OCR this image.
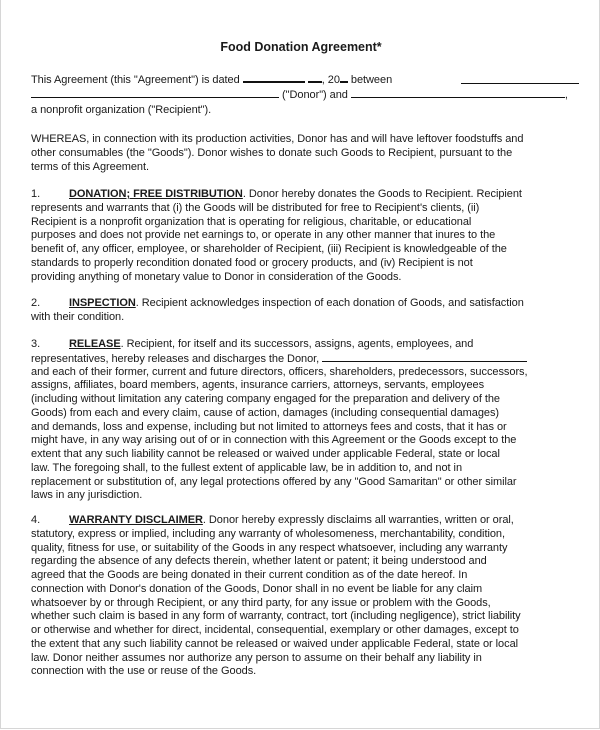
Food Donation Agreement*
This Agreement (this "Agreement") is dated	, 20 between
("Donor") and	,
a nonprofit organization ("Recipient").
WHEREAS, in connection with its production activities, Donor has and will have leftover foodstuffs and
other consumables (the "Goods"). Donor wishes to donate such Goods to Recipient, pursuant to the
terms of this Agreement.
1.	DONATION; FREE DISTRIBUTION. Donor hereby donates the Goods to Recipient. Recipient
represents and warrants that (i) the Goods will be distributed for free to Recipient's clients, (ii)
Recipient is a nonprofit organization that is operating for religious, charitable, or educational
purposes and does not provide net earnings to, or operate in any other manner that inures to the
benefit of, any officer, employee, or shareholder of Recipient, (iii) Recipient is knowledgeable of the
standards to properly recondition donated food or grocery products, and (iv) Recipient is not
providing anything of monetary value to Donor in consideration of the Goods.
2.	INSPECTION. Recipient acknowledges inspection of each donation of Goods, and satisfaction
with their condition.
3.	RELEASE. Recipient, for itself and its successors, assigns, agents, employees, and
representatives, hereby releases and discharges the Donor,
and each of their former, current and future directors, officers, shareholders, predecessors, successors,
assigns, affiliates, board members, agents, insurance carriers, attorneys, servants, employees
(including without limitation any catering company engaged for the preparation and delivery of the
Goods) from each and every claim, cause of action, damages (including consequential damages)
and demands, loss and expense, including but not limited to attorneys fees and costs, that it has or
might have, in any way arising out of or in connection with this Agreement or the Goods except to the
extent that any such liability cannot be released or waived under applicable Federal, state or local
law. The foregoing shall, to the fullest extent of applicable law, be in addition to, and not in
replacement or substitution of, any legal protections offered by any "Good Samaritan" or other similar
laws in any jurisdiction.
4.	WARRANTY DISCLAIMER. Donor hereby expressly disclaims all warranties, written or oral,
statutory, express or implied, including any warranty of wholesomeness, merchantability, condition,
quality, fitness for use, or suitability of the Goods in any respect whatsoever, including any warranty
regarding the absence of any defects therein, whether latent or patent; it being understood and
agreed that the Goods are being donated in their current condition as of the date hereof. In
connection with Donor's donation of the Goods, Donor shall in no event be liable for any claim
whatsoever by or through Recipient, or any third party, for any issue or problem with the Goods,
whether such claim is based in any form of warranty, contract, tort (including negligence), strict liability
or otherwise and whether for direct, incidental, consequential, exemplary or other damages, except to
the extent that any such liability cannot be released or waived under applicable Federal, state or local
law. Donor neither assumes nor authorize any person to assume on their behalf any liability in
connection with the use or reuse of the Goods.
